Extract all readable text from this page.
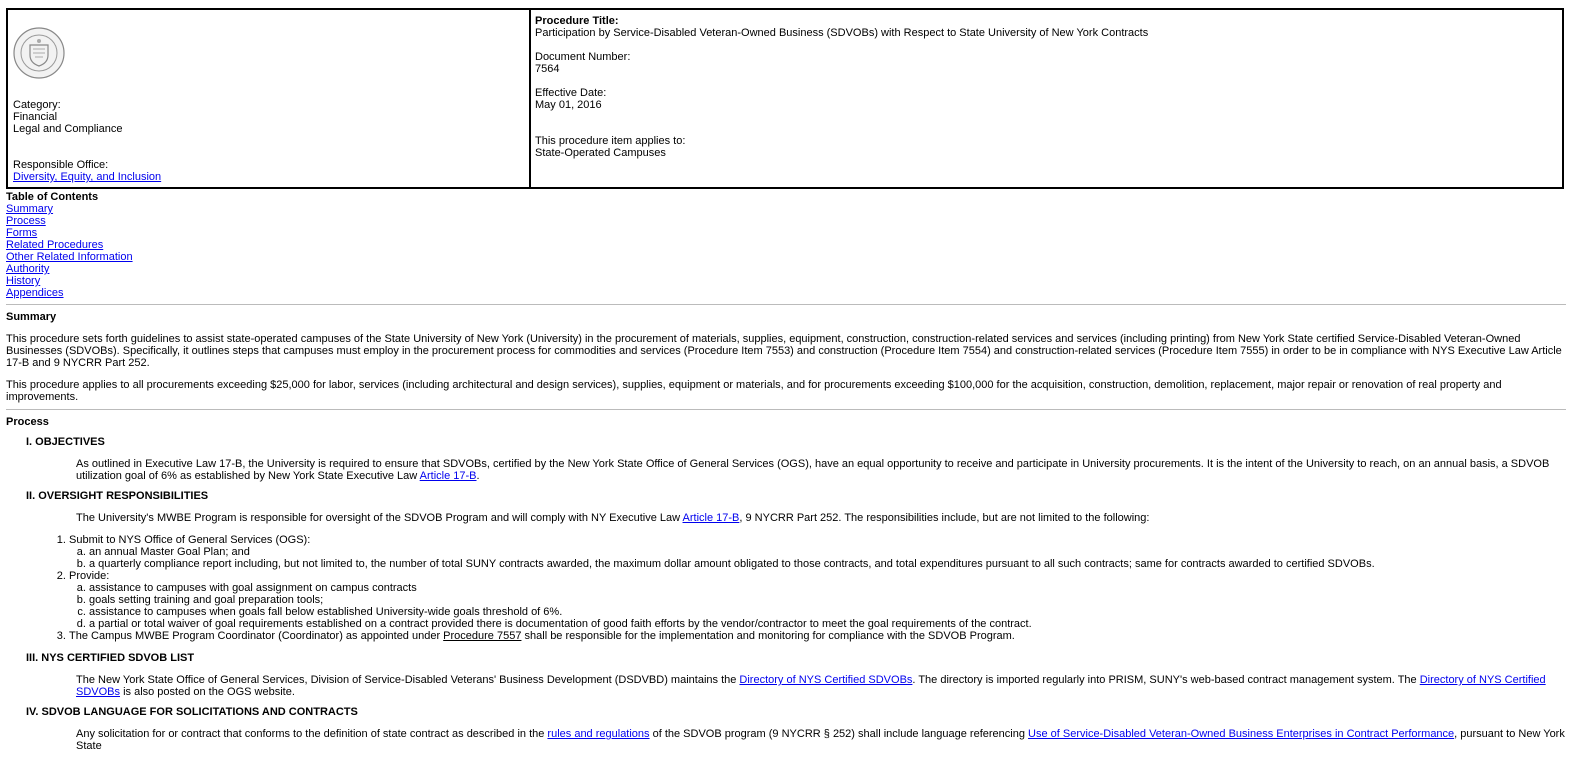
Category:
Financial
Legal and Compliance
Responsible Office:
Diversity, Equity, and Inclusion
Procedure Title:
Participation by Service-Disabled Veteran-Owned Business (SDVOBs) with Respect to State University of New York Contracts
Document Number:
7564
Effective Date:
May 01, 2016
This procedure item applies to:
State-Operated Campuses
Table of Contents
Summary
Process
Forms
Related Procedures
Other Related Information
Authority
History
Appendices
Summary

This procedure sets forth guidelines to assist state-operated campuses of the State University of New York (University) in the procurement of materials, supplies, equipment, construction, construction-related services and services (including printing) from New York State certified Service-Disabled Veteran-Owned Businesses (SDVOBs). Specifically, it outlines steps that campuses must employ in the procurement process for commodities and services (Procedure Item 7553) and construction (Procedure Item 7554) and construction-related services (Procedure Item 7555) in order to be in compliance with NYS Executive Law Article 17-B and 9 NYCRR Part 252.

This procedure applies to all procurements exceeding $25,000 for labor, services (including architectural and design services), supplies, equipment or materials, and for procurements exceeding $100,000 for the acquisition, construction, demolition, replacement, major repair or renovation of real property and improvements.

Process
I. OBJECTIVES

As outlined in Executive Law 17-B, the University is required to ensure that SDVOBs, certified by the New York State Office of General Services (OGS), have an equal opportunity to receive and participate in University procurements. It is the intent of the University to reach, on an annual basis, a SDVOB utilization goal of 6% as established by New York State Executive Law Article 17-B.

II. OVERSIGHT RESPONSIBILITIES

The University's MWBE Program is responsible for oversight of the SDVOB Program and will comply with NY Executive Law Article 17-B, 9 NYCRR Part 252. The responsibilities include, but are not limited to the following:

1. Submit to NYS Office of General Services (OGS):
a. an annual Master Goal Plan; and
b. a quarterly compliance report including, but not limited to, the number of total SUNY contracts awarded, the maximum dollar amount obligated to those contracts, and total expenditures pursuant to all such contracts; same for contracts awarded to certified SDVOBs.
2. Provide:
a. assistance to campuses with goal assignment on campus contracts
b. goals setting training and goal preparation tools;
c. assistance to campuses when goals fall below established University-wide goals threshold of 6%.
d. a partial or total waiver of goal requirements established on a contract provided there is documentation of good faith efforts by the vendor/contractor to meet the goal requirements of the contract.
3. The Campus MWBE Program Coordinator (Coordinator) as appointed under Procedure 7557 shall be responsible for the implementation and monitoring for compliance with the SDVOB Program.
III. NYS CERTIFIED SDVOB LIST

The New York State Office of General Services, Division of Service-Disabled Veterans' Business Development (DSDVBD) maintains the Directory of NYS Certified SDVOBs. The directory is imported regularly into PRISM, SUNY's web-based contract management system. The Directory of NYS Certified SDVOBs is also posted on the OGS website.

IV. SDVOB LANGUAGE FOR SOLICITATIONS AND CONTRACTS

Any solicitation for or contract that conforms to the definition of state contract as described in the rules and regulations of the SDVOB program (9 NYCRR § 252) shall include language referencing Use of Service-Disabled Veteran-Owned Business Enterprises in Contract Performance, pursuant to New York State
